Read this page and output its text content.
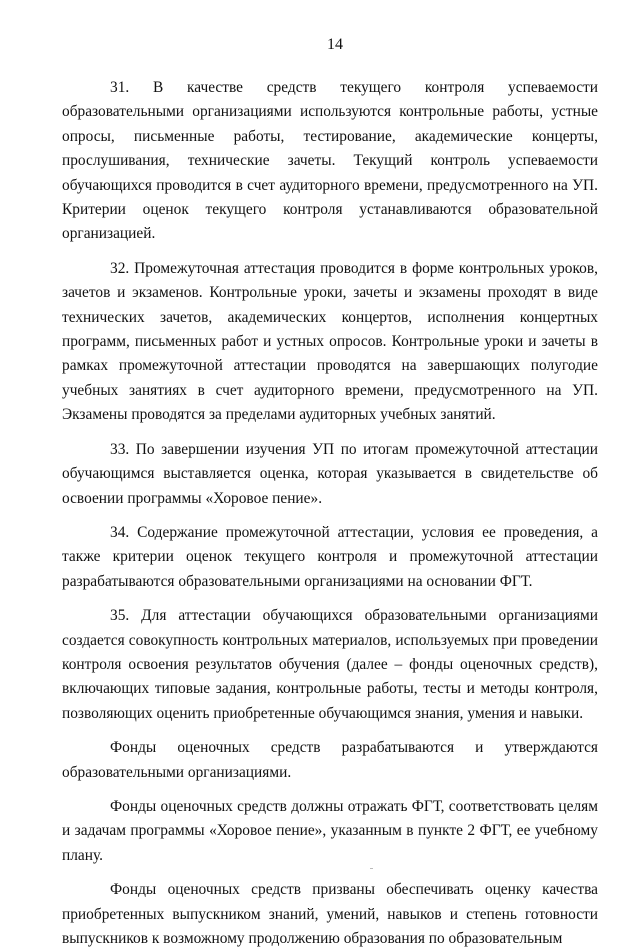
14

31. В качестве средств текущего контроля успеваемости образовательными организациями используются контрольные работы, устные опросы, письменные работы, тестирование, академические концерты, прослушивания, технические зачеты. Текущий контроль успеваемости обучающихся проводится в счет аудиторного времени, предусмотренного на УП. Критерии оценок текущего контроля устанавливаются образовательной организацией.

32. Промежуточная аттестация проводится в форме контрольных уроков, зачетов и экзаменов. Контрольные уроки, зачеты и экзамены проходят в виде технических зачетов, академических концертов, исполнения концертных программ, письменных работ и устных опросов. Контрольные уроки и зачеты в рамках промежуточной аттестации проводятся на завершающих полугодие учебных занятиях в счет аудиторного времени, предусмотренного на УП. Экзамены проводятся за пределами аудиторных учебных занятий.

33. По завершении изучения УП по итогам промежуточной аттестации обучающимся выставляется оценка, которая указывается в свидетельстве об освоении программы «Хоровое пение».

34. Содержание промежуточной аттестации, условия ее проведения, а также критерии оценок текущего контроля и промежуточной аттестации разрабатываются образовательными организациями на основании ФГТ.

35. Для аттестации обучающихся образовательными организациями создается совокупность контрольных материалов, используемых при проведении контроля освоения результатов обучения (далее – фонды оценочных средств), включающих типовые задания, контрольные работы, тесты и методы контроля, позволяющих оценить приобретенные обучающимся знания, умения и навыки.

Фонды оценочных средств разрабатываются и утверждаются образовательными организациями.

Фонды оценочных средств должны отражать ФГТ, соответствовать целям и задачам программы «Хоровое пение», указанным в пункте 2 ФГТ, ее учебному плану.

Фонды оценочных средств призваны обеспечивать оценку качества приобретенных выпускником знаний, умений, навыков и степень готовности выпускников к возможному продолжению образования по образовательным
